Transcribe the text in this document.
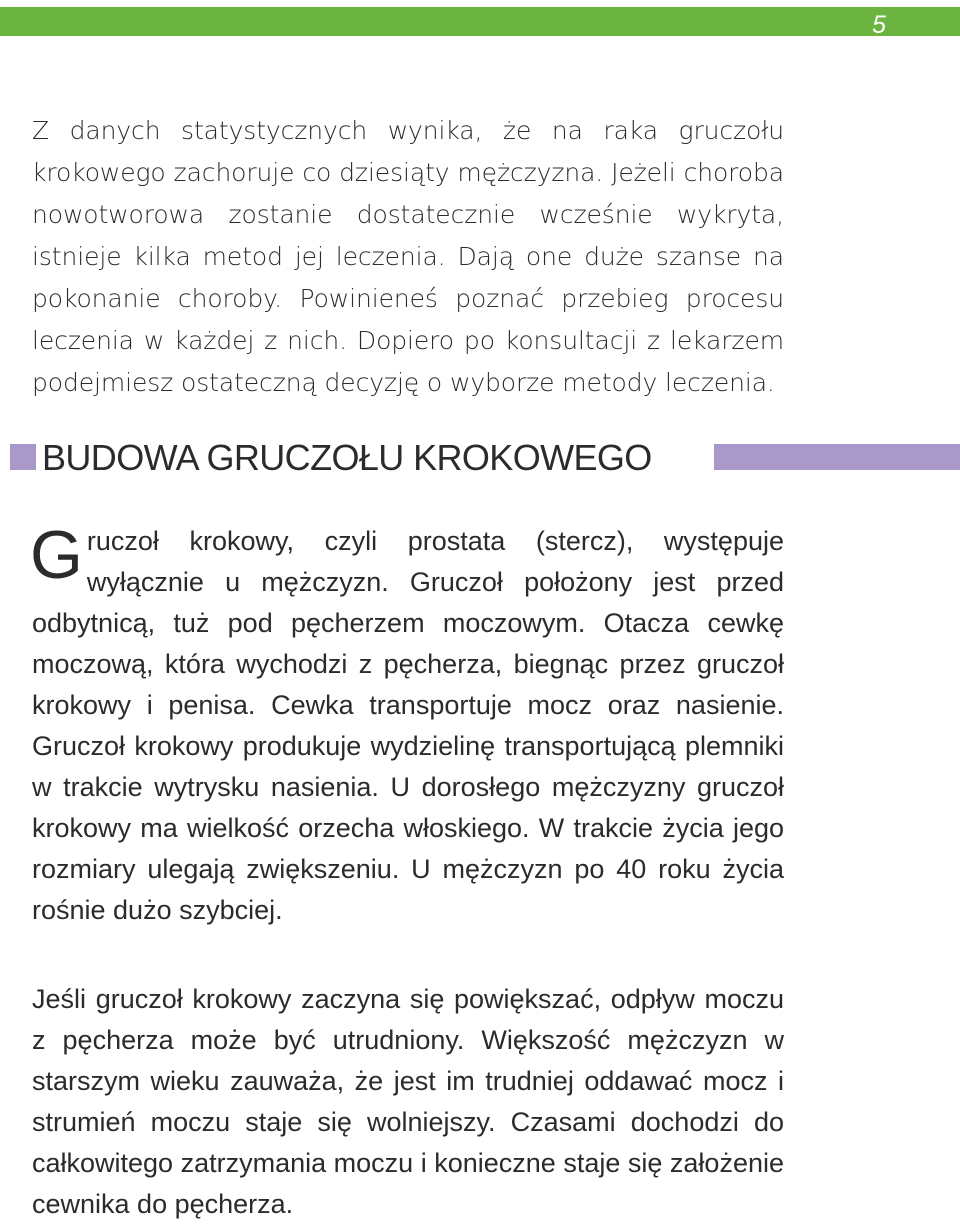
5

Z danych statystycznych wynika, że na raka gruczołu krokowego zachoruje co dziesiąty mężczyzna. Jeżeli choroba nowotworowa zostanie dostatecznie wcześnie wykryta, istnieje kilka metod jej leczenia. Dają one duże szanse na pokonanie choroby. Powinieneś poznać przebieg procesu leczenia w każdej z nich. Dopiero po konsultacji z lekarzem podejmiesz ostateczną decyzję o wyborze metody leczenia.

BUDOWA GRUCZOŁU KROKOWEGO

Gruczoł krokowy, czyli prostata (stercz), występuje wyłącznie u mężczyzn. Gruczoł położony jest przed odbytnicą, tuż pod pęcherzem moczowym. Otacza cewkę moczową, która wychodzi z pęcherza, biegnąc przez gruczoł krokowy i penisa. Cewka transportuje mocz oraz nasienie. Gruczoł krokowy produkuje wydzielinę transportującą plemniki w trakcie wytrysku nasienia. U dorosłego mężczyzny gruczoł krokowy ma wielkość orzecha włoskiego. W trakcie życia jego rozmiary ulegają zwiększeniu. U mężczyzn po 40 roku życia rośnie dużo szybciej.

Jeśli gruczoł krokowy zaczyna się powiększać, odpływ moczu z pęcherza może być utrudniony. Większość mężczyzn w starszym wieku zauważa, że jest im trudniej oddawać mocz i strumień moczu staje się wolniejszy. Czasami dochodzi do całkowitego zatrzymania moczu i konieczne staje się założenie cewnika do pęcherza.
